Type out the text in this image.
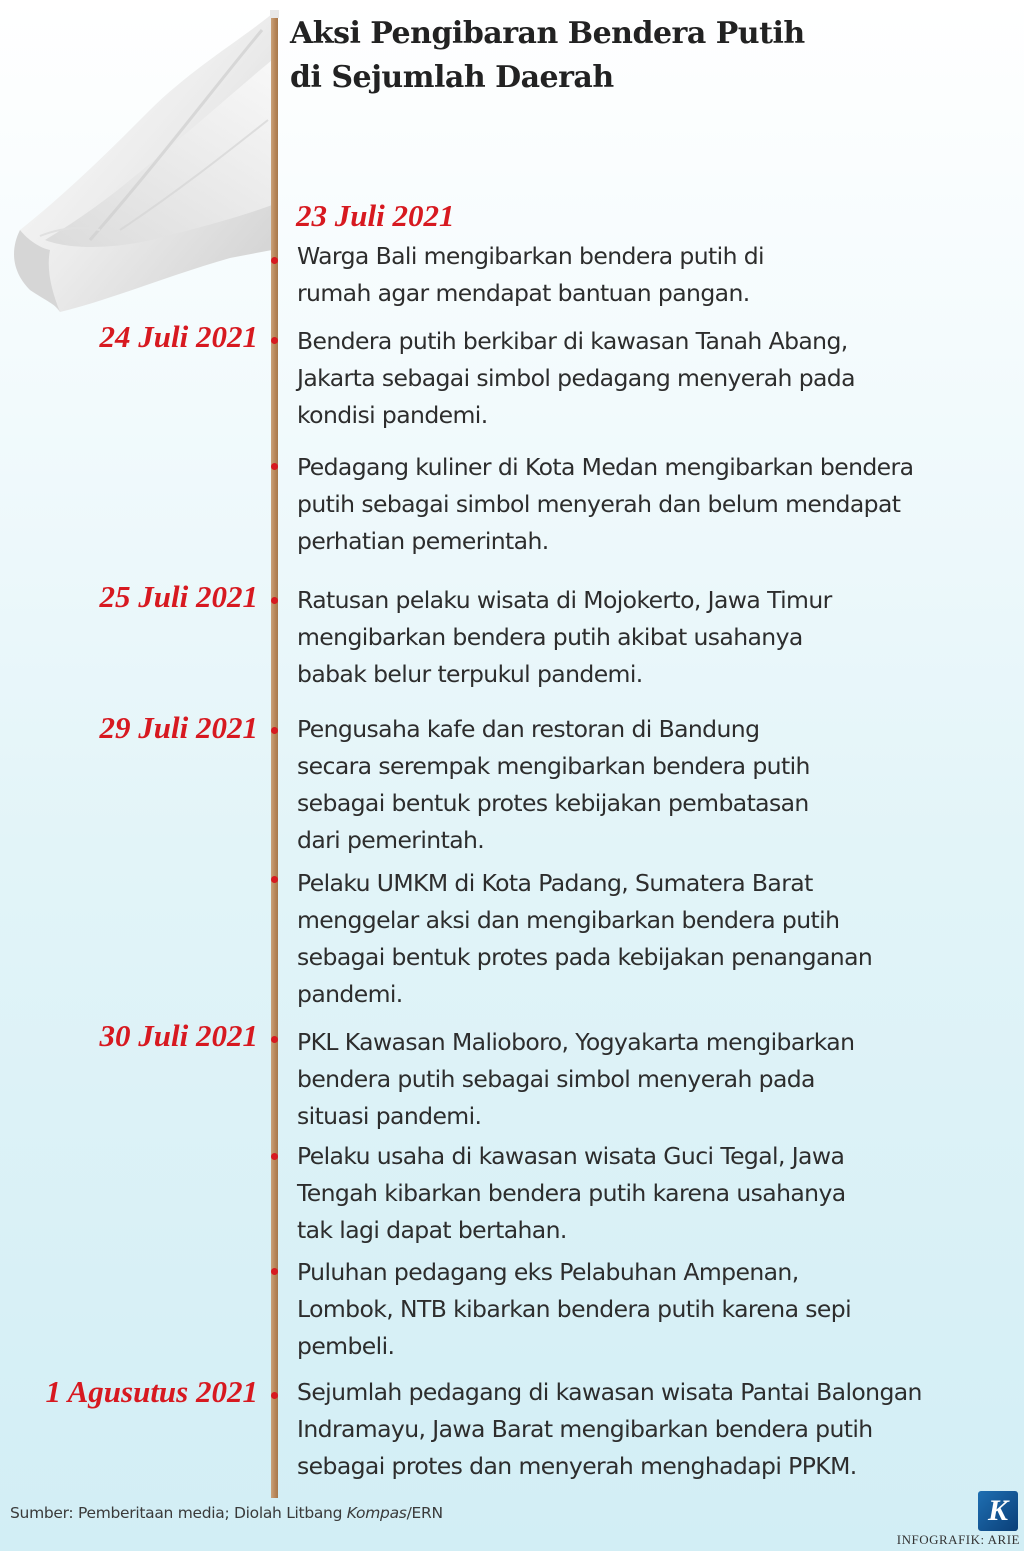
Aksi Pengibaran Bendera Putih
di Sejumlah Daerah
23 Juli 2021
24 Juli 2021
25 Juli 2021
29 Juli 2021
30 Juli 2021
1 Agusutus 2021
Warga Bali mengibarkan bendera putih di
rumah agar mendapat bantuan pangan.
Bendera putih berkibar di kawasan Tanah Abang,
Jakarta sebagai simbol pedagang menyerah pada
kondisi pandemi.
Pedagang kuliner di Kota Medan mengibarkan bendera
putih sebagai simbol menyerah dan belum mendapat
perhatian pemerintah.
Ratusan pelaku wisata di Mojokerto, Jawa Timur
mengibarkan bendera putih akibat usahanya
babak belur terpukul pandemi.
Pengusaha kafe dan restoran di Bandung
secara serempak mengibarkan bendera putih
sebagai bentuk protes kebijakan pembatasan
dari pemerintah.
Pelaku UMKM di Kota Padang, Sumatera Barat
menggelar aksi dan mengibarkan bendera putih
sebagai bentuk protes pada kebijakan penanganan
pandemi.
PKL Kawasan Malioboro, Yogyakarta mengibarkan
bendera putih sebagai simbol menyerah pada
situasi pandemi.
Pelaku usaha di kawasan wisata Guci Tegal, Jawa
Tengah kibarkan bendera putih karena usahanya
tak lagi dapat bertahan.
Puluhan pedagang eks Pelabuhan Ampenan,
Lombok, NTB kibarkan bendera putih karena sepi
pembeli.
Sejumlah pedagang di kawasan wisata Pantai Balongan
Indramayu, Jawa Barat mengibarkan bendera putih
sebagai protes dan menyerah menghadapi PPKM.
Sumber: Pemberitaan media; Diolah Litbang Kompas/ERN	K
INFOGRAFIK: ARIE
